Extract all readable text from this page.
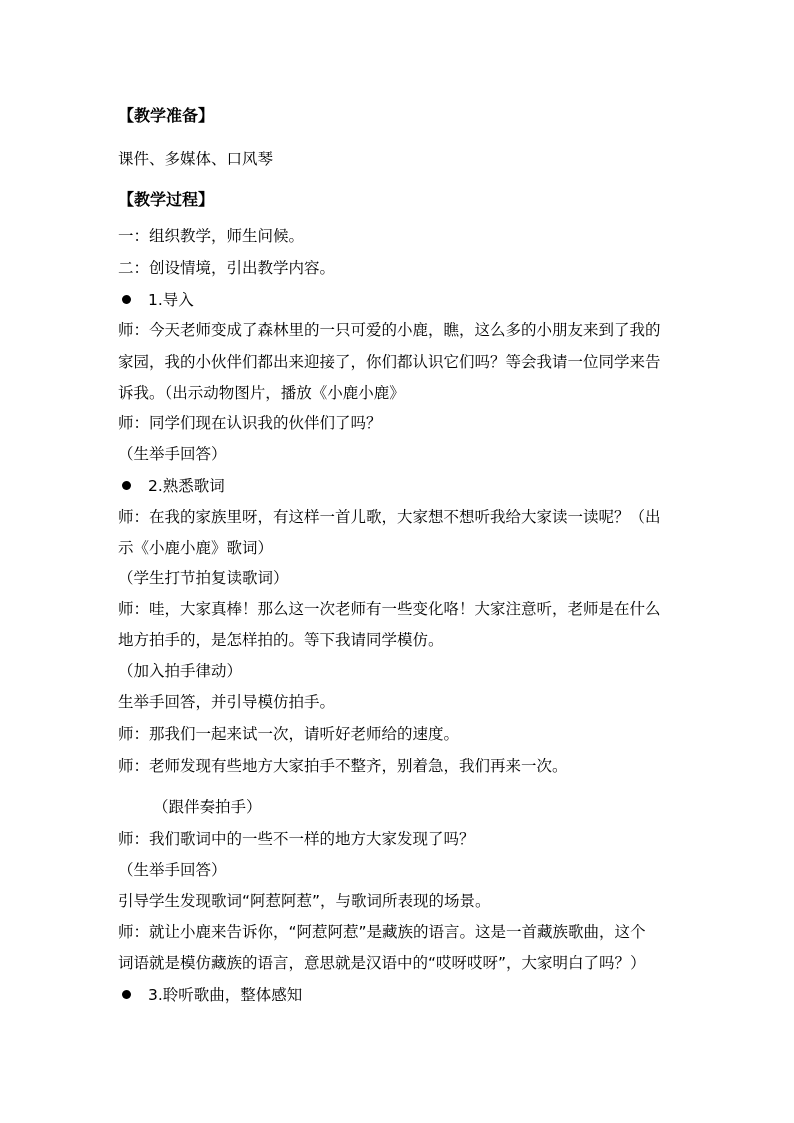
【教学准备】
课件、多媒体、口风琴
【教学过程】
一：组织教学，师生问候。
二：创设情境，引出教学内容。
1.导入
师：今天老师变成了森林里的一只可爱的小鹿，瞧，这么多的小朋友来到了我的
家园，我的小伙伴们都出来迎接了，你们都认识它们吗？等会我请一位同学来告
诉我。（出示动物图片，播放《小鹿小鹿》
师：同学们现在认识我的伙伴们了吗？
（生举手回答）
2.熟悉歌词
师：在我的家族里呀，有这样一首儿歌，大家想不想听我给大家读一读呢？（出
示《小鹿小鹿》歌词）
（学生打节拍复读歌词）
师：哇，大家真棒！那么这一次老师有一些变化咯！大家注意听，老师是在什么
地方拍手的，是怎样拍的。等下我请同学模仿。
（加入拍手律动）
生举手回答，并引导模仿拍手。
师：那我们一起来试一次，请听好老师给的速度。
师：老师发现有些地方大家拍手不整齐，别着急，我们再来一次。
（跟伴奏拍手）
师：我们歌词中的一些不一样的地方大家发现了吗？
（生举手回答）
引导学生发现歌词“阿惹阿惹”，与歌词所表现的场景。
师：就让小鹿来告诉你，“阿惹阿惹”是藏族的语言。这是一首藏族歌曲，这个
词语就是模仿藏族的语言，意思就是汉语中的“哎呀哎呀”，大家明白了吗？）
3.聆听歌曲，整体感知
